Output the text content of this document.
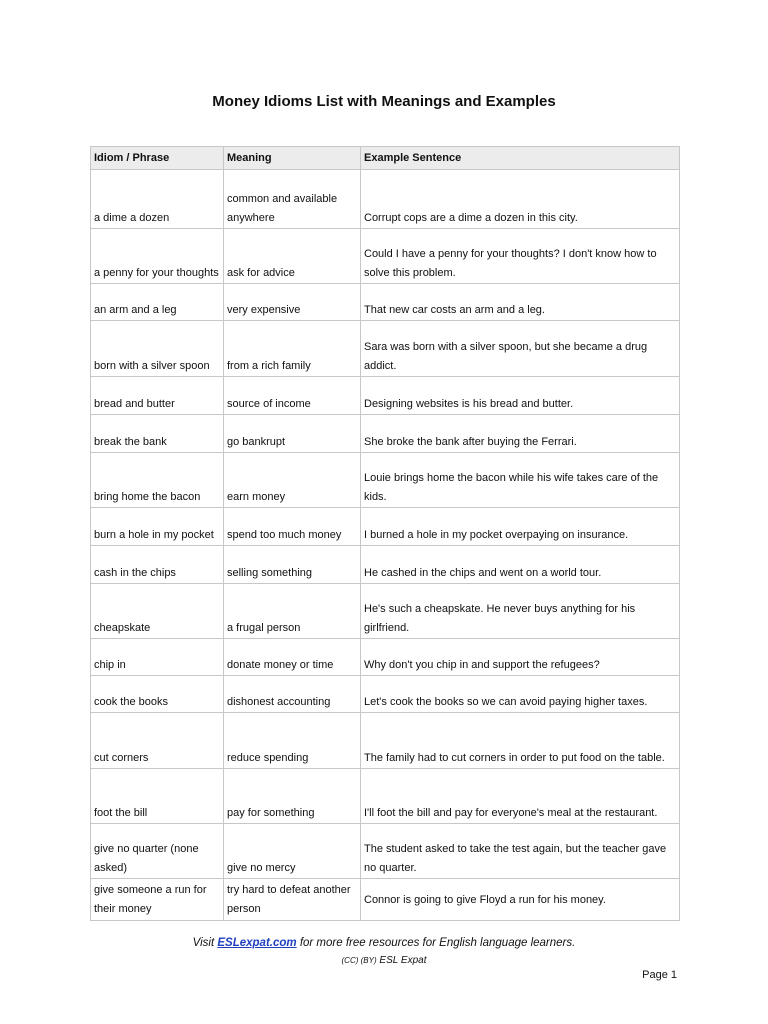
Money Idioms List with Meanings and Examples
Idiom / Phrase	Meaning	Example Sentence
a dime a dozen	common and available anywhere	Corrupt cops are a dime a dozen in this city.
a penny for your thoughts	ask for advice	Could I have a penny for your thoughts? I don't know how to solve this problem.
an arm and a leg	very expensive	That new car costs an arm and a leg.
born with a silver spoon	from a rich family	Sara was born with a silver spoon, but she became a drug addict.
bread and butter	source of income	Designing websites is his bread and butter.
break the bank	go bankrupt	She broke the bank after buying the Ferrari.
bring home the bacon	earn money	Louie brings home the bacon while his wife takes care of the kids.
burn a hole in my pocket	spend too much money	I burned a hole in my pocket overpaying on insurance.
cash in the chips	selling something	He cashed in the chips and went on a world tour.
cheapskate	a frugal person	He's such a cheapskate. He never buys anything for his girlfriend.
chip in	donate money or time	Why don't you chip in and support the refugees?
cook the books	dishonest accounting	Let's cook the books so we can avoid paying higher taxes.
cut corners	reduce spending	The family had to cut corners in order to put food on the table.
foot the bill	pay for something	I'll foot the bill and pay for everyone's meal at the restaurant.
give no quarter (none asked)	give no mercy	The student asked to take the test again, but the teacher gave no quarter.
give someone a run for their money	try hard to defeat another person	Connor is going to give Floyd a run for his money.
Visit ESLexpat.com for more free resources for English language learners.
(CC) (BY) ESL Expat
Page 1
